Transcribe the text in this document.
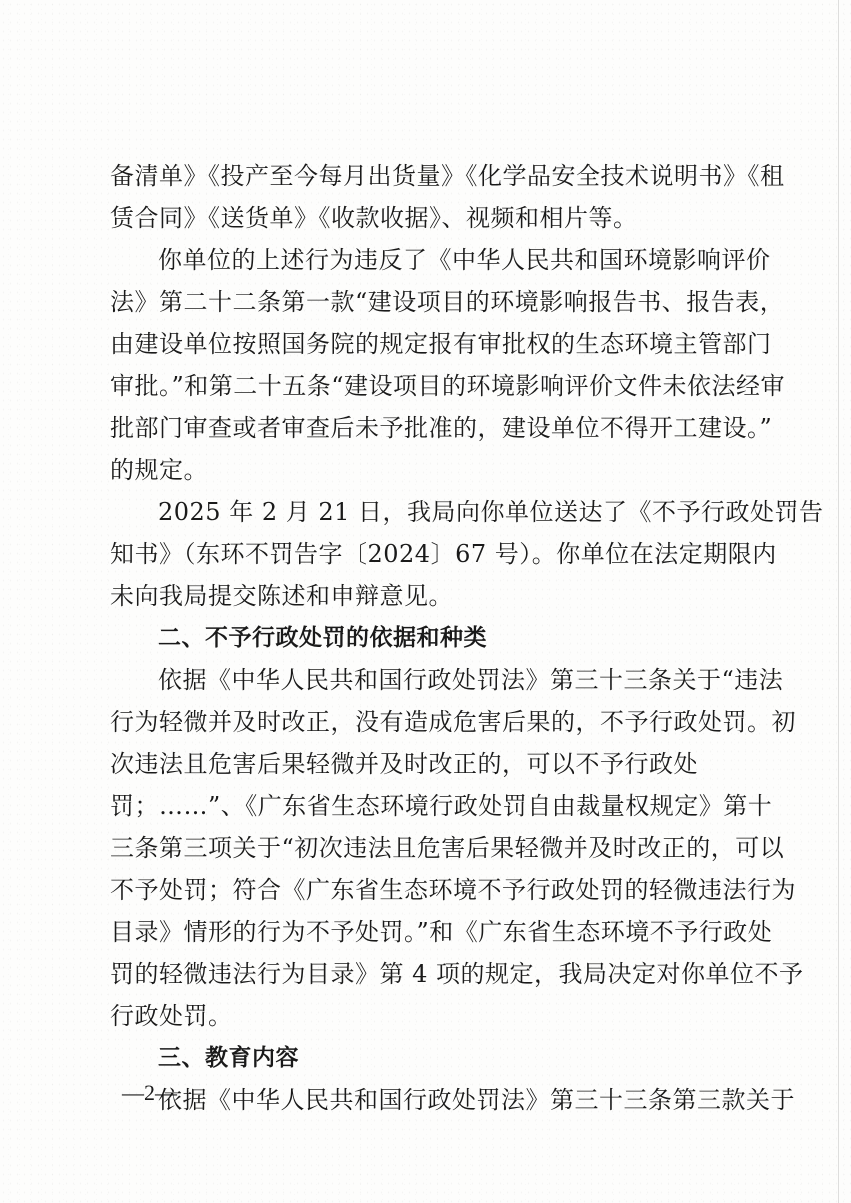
备清单》《投产至今每月出货量》《化学品安全技术说明书》《租
赁合同》《送货单》《收款收据》、视频和相片等。
你单位的上述行为违反了《中华人民共和国环境影响评价
法》第二十二条第一款“建设项目的环境影响报告书、报告表，
由建设单位按照国务院的规定报有审批权的生态环境主管部门
审批。”和第二十五条“建设项目的环境影响评价文件未依法经审
批部门审查或者审查后未予批准的，建设单位不得开工建设。”
的规定。
2025 年 2 月 21 日，我局向你单位送达了《不予行政处罚告
知书》（东环不罚告字〔2024〕67 号）。你单位在法定期限内
未向我局提交陈述和申辩意见。
二、不予行政处罚的依据和种类
依据《中华人民共和国行政处罚法》第三十三条关于“违法
行为轻微并及时改正，没有造成危害后果的，不予行政处罚。初
次违法且危害后果轻微并及时改正的，可以不予行政处
罚；……”、《广东省生态环境行政处罚自由裁量权规定》第十
三条第三项关于“初次违法且危害后果轻微并及时改正的，可以
不予处罚；符合《广东省生态环境不予行政处罚的轻微违法行为
目录》情形的行为不予处罚。”和《广东省生态环境不予行政处
罚的轻微违法行为目录》第 4 项的规定，我局决定对你单位不予
行政处罚。
三、教育内容
依据《中华人民共和国行政处罚法》第三十三条第三款关于
—2—
